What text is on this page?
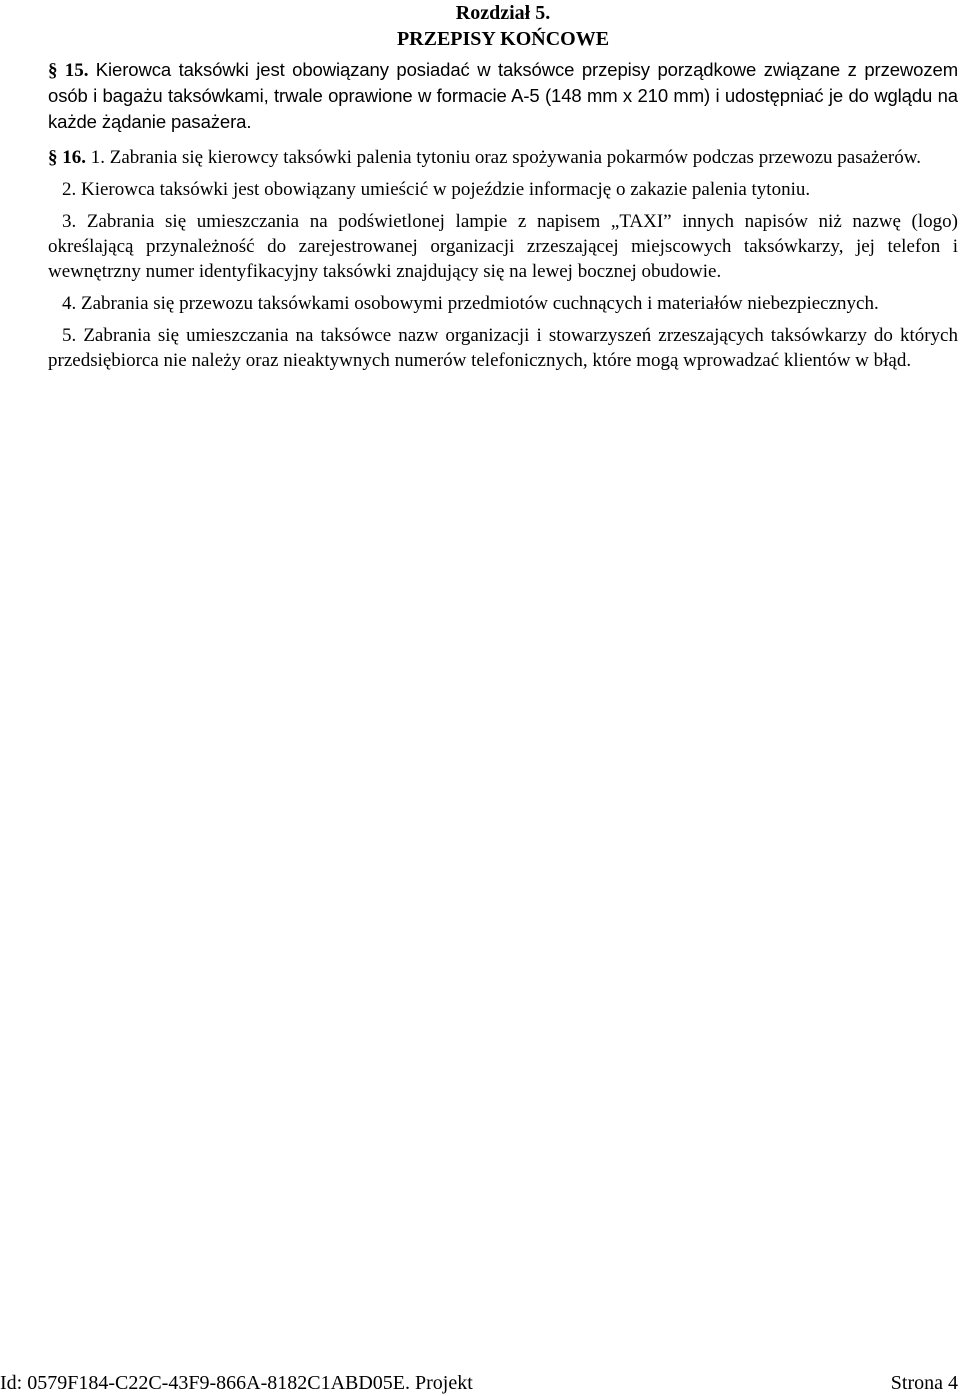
Rozdział 5.
PRZEPISY KOŃCOWE

§ 15. Kierowca taksówki jest obowiązany posiadać w taksówce przepisy porządkowe związane z przewozem osób i bagażu taksówkami, trwale oprawione w formacie A-5 (148 mm x 210 mm) i udostępniać je do wglądu na każde żądanie pasażera.

§ 16. 1. Zabrania się kierowcy taksówki palenia tytoniu oraz spożywania pokarmów podczas przewozu pasażerów.

2. Kierowca taksówki jest obowiązany umieścić w pojeździe informację o zakazie palenia tytoniu.

3. Zabrania się umieszczania na podświetlonej lampie z napisem „TAXI” innych napisów niż nazwę (logo) określającą przynależność do zarejestrowanej organizacji zrzeszającej miejscowych taksówkarzy, jej telefon i wewnętrzny numer identyfikacyjny taksówki znajdujący się na lewej bocznej obudowie.

4. Zabrania się przewozu taksówkami osobowymi przedmiotów cuchnących i materiałów niebezpiecznych.

5. Zabrania się umieszczania na taksówce nazw organizacji i stowarzyszeń zrzeszających taksówkarzy do których przedsiębiorca nie należy oraz nieaktywnych numerów telefonicznych, które mogą wprowadzać klientów w błąd.

Id: 0579F184-C22C-43F9-866A-8182C1ABD05E. Projekt	Strona 4
